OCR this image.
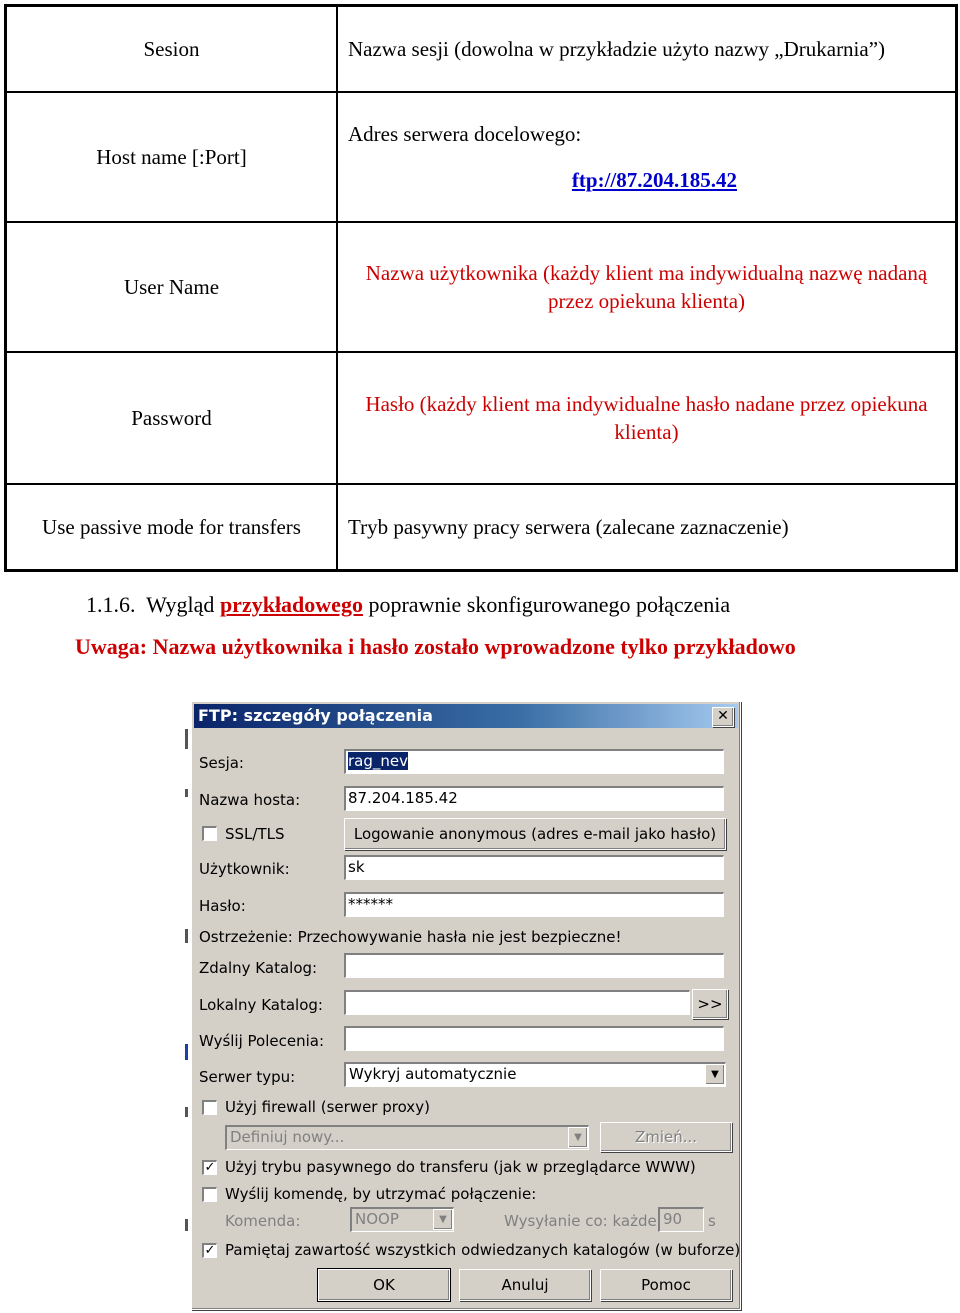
Sesion	Nazwa sesji (dowolna w przykładzie użyto nazwy „Drukarnia”)
Host name [:Port]	Adres serwera docelowego:
ftp://87.204.185.42

User Name	Nazwa użytkownika (każdy klient ma indywidualną nazwę nadaną przez opiekuna klienta)
Password	Hasło (każdy klient ma indywidualne hasło nadane przez opiekuna klienta)
Use passive mode for transfers	Tryb pasywny pracy serwera (zalecane zaznaczenie)
1.1.6. Wygląd przykładowego poprawnie skonfigurowanego połączenia
Uwaga: Nazwa użytkownika i hasło zostało wprowadzone tylko przykładowo
FTP: szczegóły połączenia	✕
Sesja:	rag_nev
Nazwa hosta:	87.204.185.42
SSL/TLS	Logowanie anonymous (adres e-mail jako hasło)
Użytkownik:	sk
Hasło:	******
Ostrzeżenie: Przechowywanie hasła nie jest bezpieczne!
Zdalny Katalog:
Lokalny Katalog:	>>
Wyślij Polecenia:
Serwer typu:	Wykryj automatycznie	▼
Użyj firewall (serwer proxy)
Definiuj nowy...	▼	Zmień...
✓ Użyj trybu pasywnego do transferu (jak w przeglądarce WWW)
Wyślij komendę, by utrzymać połączenie:
Komenda:	NOOP	▼	Wysyłanie co: każde 90	s
✓ Pamiętaj zawartość wszystkich odwiedzanych katalogów (w buforze)
OK	Anuluj	Pomoc
